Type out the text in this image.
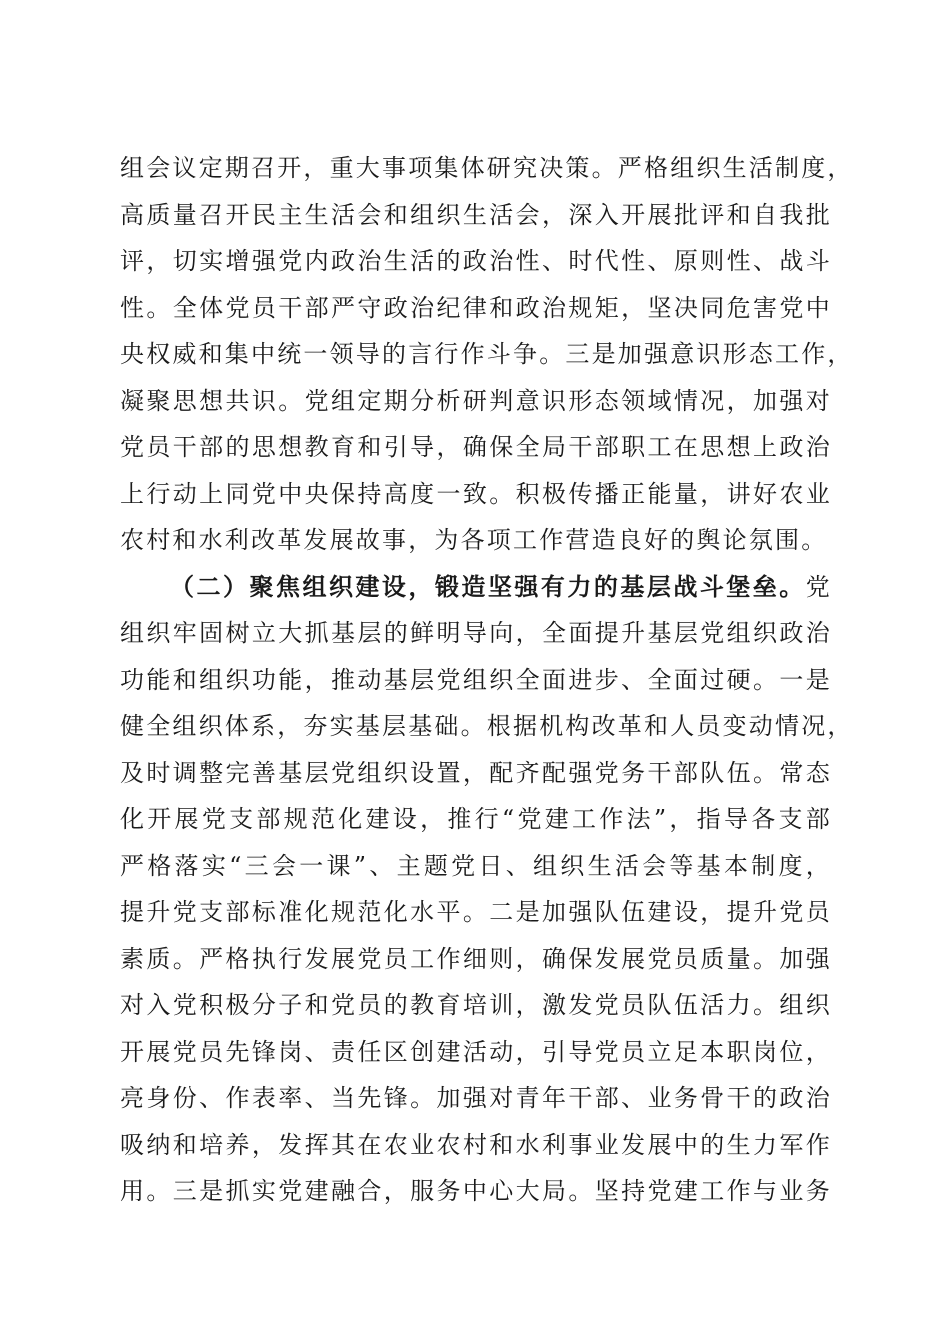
组会议定期召开，重大事项集体研究决策。严格组织生活制度，
高质量召开民主生活会和组织生活会，深入开展批评和自我批
评，切实增强党内政治生活的政治性、时代性、原则性、战斗
性。全体党员干部严守政治纪律和政治规矩，坚决同危害党中
央权威和集中统一领导的言行作斗争。三是加强意识形态工作，
凝聚思想共识。党组定期分析研判意识形态领域情况，加强对
党员干部的思想教育和引导，确保全局干部职工在思想上政治
上行动上同党中央保持高度一致。积极传播正能量，讲好农业
农村和水利改革发展故事，为各项工作营造良好的舆论氛围。
（二）聚焦组织建设，锻造坚强有力的基层战斗堡垒。党
组织牢固树立大抓基层的鲜明导向，全面提升基层党组织政治
功能和组织功能，推动基层党组织全面进步、全面过硬。一是
健全组织体系，夯实基层基础。根据机构改革和人员变动情况，
及时调整完善基层党组织设置，配齐配强党务干部队伍。常态
化开展党支部规范化建设，推行“党建工作法”，指导各支部
严格落实“三会一课”、主题党日、组织生活会等基本制度，
提升党支部标准化规范化水平。二是加强队伍建设，提升党员
素质。严格执行发展党员工作细则，确保发展党员质量。加强
对入党积极分子和党员的教育培训，激发党员队伍活力。组织
开展党员先锋岗、责任区创建活动，引导党员立足本职岗位，
亮身份、作表率、当先锋。加强对青年干部、业务骨干的政治
吸纳和培养，发挥其在农业农村和水利事业发展中的生力军作
用。三是抓实党建融合，服务中心大局。坚持党建工作与业务
